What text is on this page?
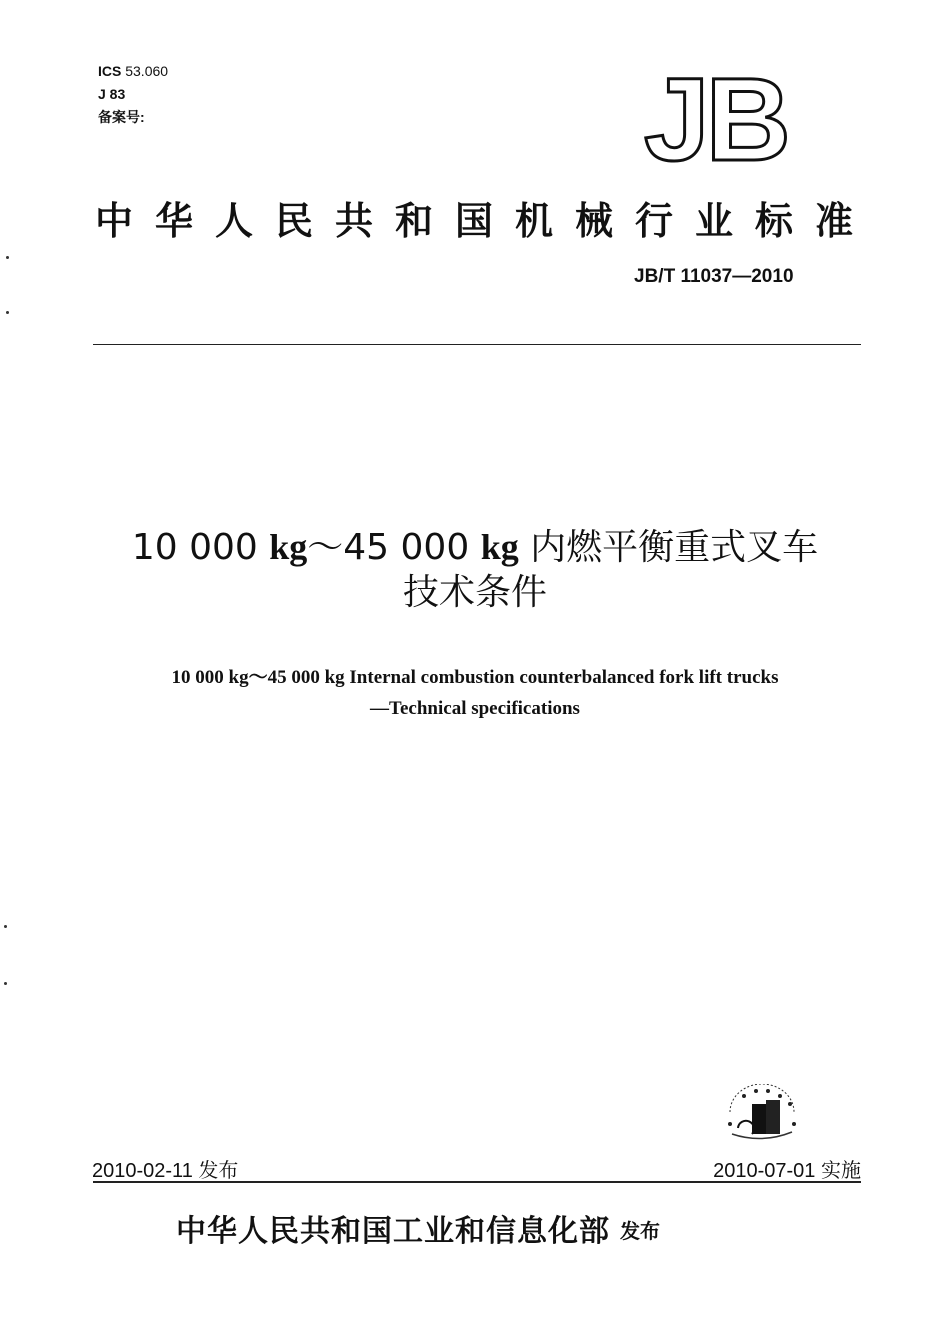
ICS 53.060
J 83
备案号:	JB
中华人民共和国机械行业标准
JB/T 11037—2010
10 000 kg～45 000 kg 内燃平衡重式叉车
技术条件
10 000 kg～45 000 kg Internal combustion counterbalanced fork lift trucks
—Technical specifications
2010-02-11 发布	2010-07-01 实施
中华人民共和国工业和信息化部 发布
